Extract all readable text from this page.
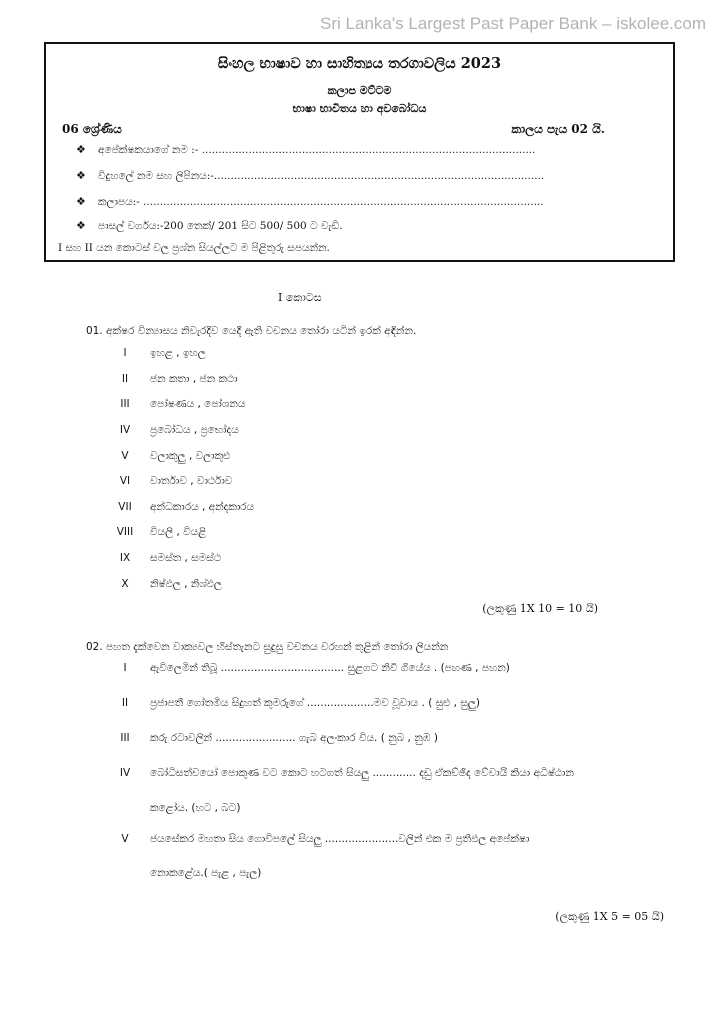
Sri Lanka's Largest Past Paper Bank – iskolee.com
සිංහල භාෂාව හා සාහිත්‍යය තරගාවලිය 2023
කලාප මට්ටම
භාෂා භාවිතය හා අවබෝධය
06 ශ්‍රේණිය	කාලය පැය 02 යි.
❖ අපේක්ෂකයාගේ නම :- ....................................................................................................
❖ විදුහලේ නම සහ ලිපිනය:-...................................................................................................
❖ කලාපය:- ........................................................................................................................
❖ පාසල් වර්ගය:-200 තෙක්/ 201 සිට 500/ 500 ට වැඩි.
I සහ II යන කොටස් වල ප්‍රශ්න සියල්ලට ම පිළිතුරු සපයන්න.
I කොටස
01. අක්ෂර වින්‍යාසය නිවැරදිව යෙදී ඇති වචනය තෝරා යටින් ඉරක් අඳින්න.
I	ඉහළ , ඉහල
II	ජන කතා , ජන කථා
III	පෝෂණය , පෝශනය
IV	ප්‍රබෝධය , ප්‍රභෝදය
V	වලාකුලු , වලාකුළු
VI	වාර්තාව , වාර්ථාව
VII	අන්ධකාරය , අන්දකාරය
VIII	වියලි , වියළි
IX	සමස්ත , සමස්ථ
X	නිෂ්ඵල , නිශ්ඵල
(ලකුණු 1X 10 = 10 යි)
02. පහත දැක්වෙන වාක්‍යවල හිස්තැනට සුදුසු වචනය වරහන් තුළින් තෝරා ලියන්න
I	ඇවිලෙමින් තිබූ ..................................... සුළගට නිවී ගියේය . (පහණ , පහන)
II	ප්‍රජාපතී ගෝතමිය සිදුහත් කුමරුගේ ....................මව වූවාය . ( සුළු , සුලු)
III	කරු රටාවලින් ........................ ගැබ අලංකාර විය. ( නුබ , නුඹ )
IV	බෝධිසත්වයෝ පොකුණ වට කොට හටගත් සියලු ............. දඩු ඒකච්ඡිද වේවායි කියා අධිෂ්ඨාන
කළෝය. (හට , බට)
V	ජයසේකර මහතා සිය ගොවිපලේ සියලු ......................වලින් එක ම ප්‍රතිඵල අපේක්ෂා
නොකළේය.( පැළ , පැල)
(ලකුණු 1X 5 = 05 යි)
